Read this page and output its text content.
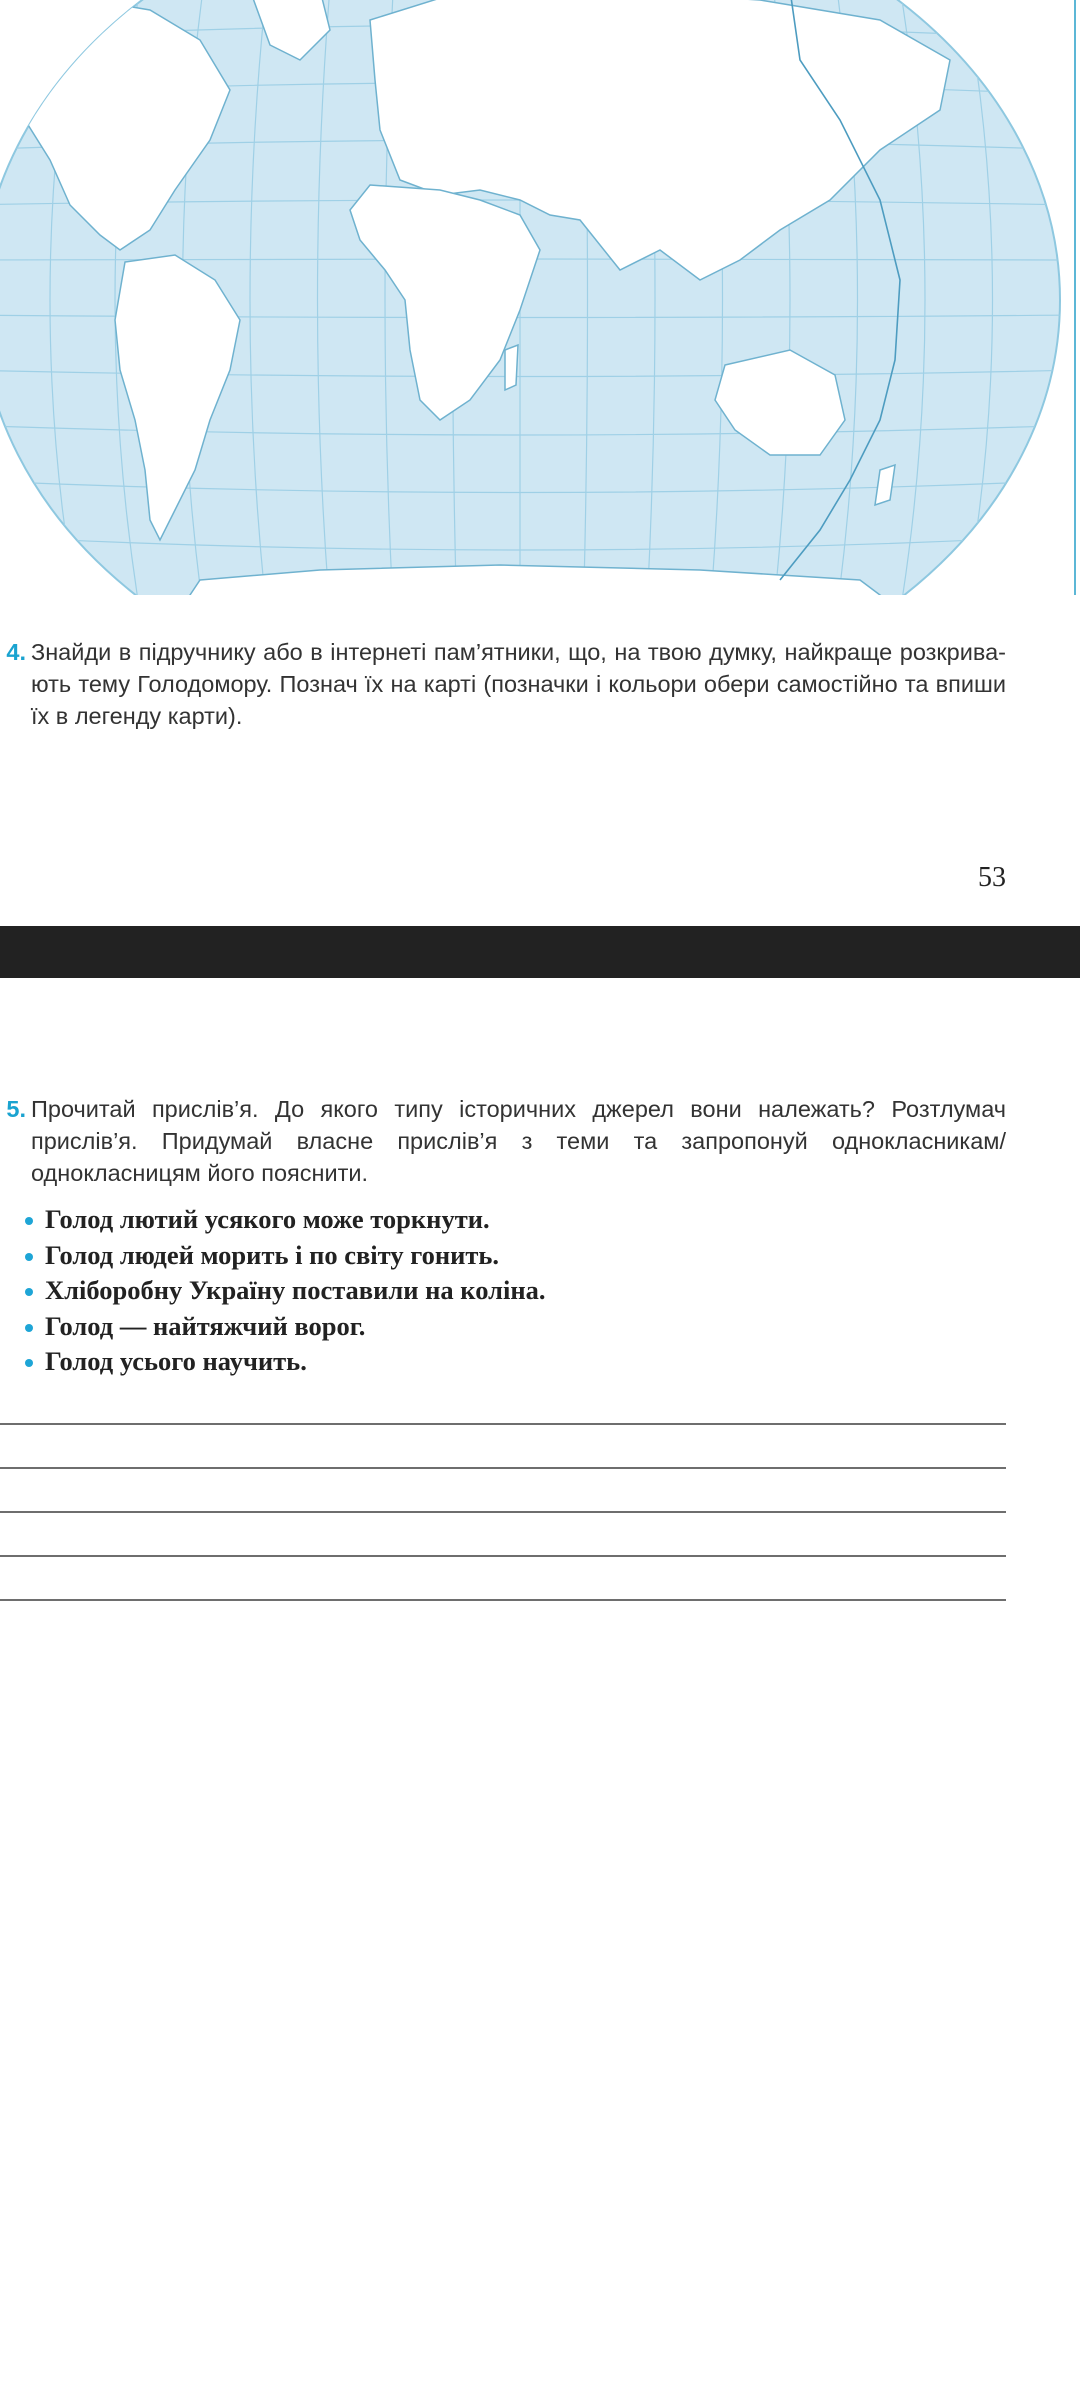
4. Знайди в підручнику або в інтернеті пам’ятники, що, на твою думку, найкраще розкривають тему Голодомору. Познач їх на карті (позначки і кольори обери самостійно та впиши їх в легенду карти).
53
5. Прочитай прислів’я. До якого типу історичних джерел вони належать? Розтлумач прислів’я. Придумай власне прислів’я з теми та запропонуй однокласникам/однокласницям його пояснити.
Голод лютий усякого може торкнути.
Голод людей морить і по світу гонить.
Хліборобну Україну поставили на коліна.
Голод — найтяжчий ворог.
Голод усього научить.
